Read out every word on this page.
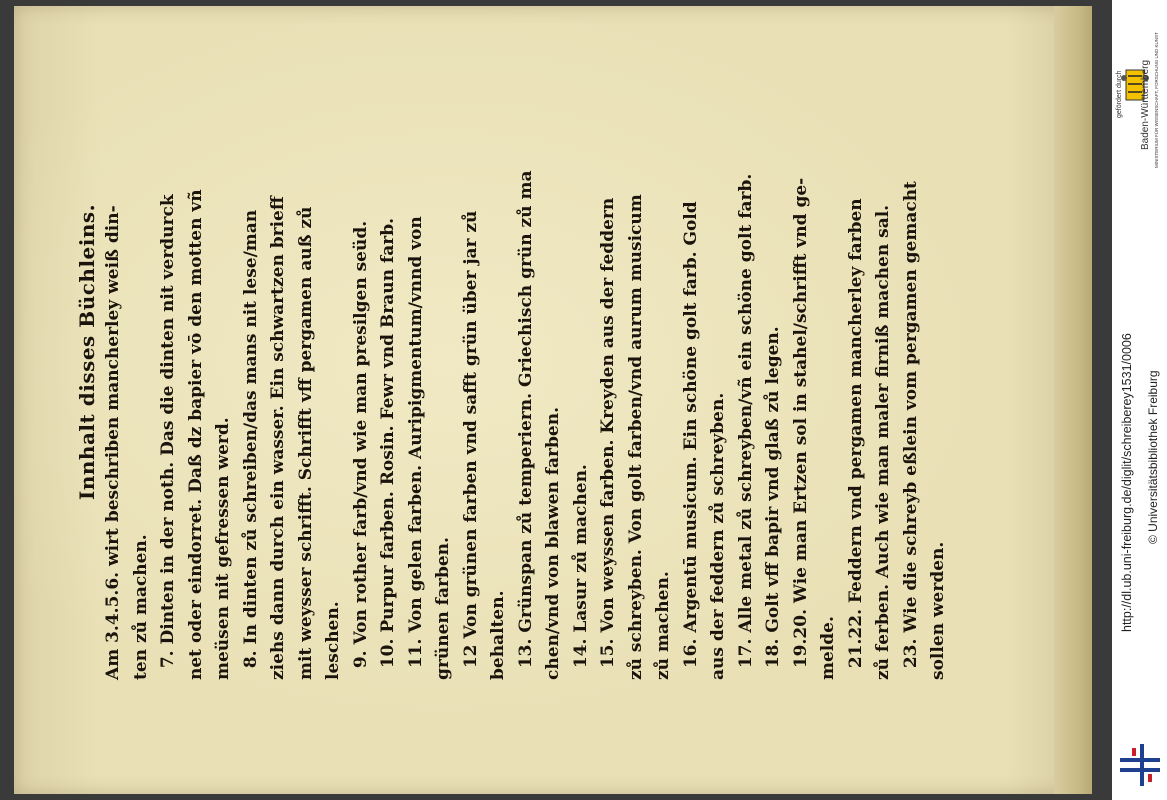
Innhalt disses Büchleins. Am 3.4.5.6. wirt beschriben mancherley weiß din- ten zů machen. 7. Dinten in der noth. Das die dinten nit verdurck net oder eindorret. Daß dz bapier vō den motten vñ meüsen nit gefressen werd. 8. In dinten zů schreiben/das mans nit lese/man ziehs dann durch ein wasser. Ein schwartzen brieff mit weysser schrifft. Schrifft vff pergamen auß zů leschen. 9. Von rother farb/vnd wie man presilgen seüd. 10. Purpur farben. Rosin. Fewr vnd Braun farb. 11. Von gelen farben. Auripigmentum/vnnd von grünen farben. 12 Von grünen farben vnd safft grün über jar zů behalten. 13. Grünspan zů temperiern. Griechisch grün zů ma chen/vnd von blawen farben. 14. Lasur zů machen. 15. Von weyssen farben. Kreyden aus der feddern zů schreyben. Von golt farben/vnd aurum musicum zů machen. 16. Argentū musicum. Ein schöne golt farb. Gold aus der feddern zů schreyben. 17. Alle metal zů schreyben/vñ ein schöne golt farb. 18. Golt vff bapir vnd glaß zů legen. 19.20. Wie man Ertzen sol in stahel/schrifft vnd ge- melde. 21.22. Feddern vnd pergamen mancherley farben zů ferben. Auch wie man maler firniß machen sal. 23. Wie die schreyb eßlein vom pergamen gemacht sollen werden.
gefördert durch Baden-Württemberg MINISTERIUM FÜR WISSENSCHAFT, FORSCHUNG UND KUNST
http://dl.ub.uni-freiburg.de/diglit/schreiberey1531/0006 © Universitätsbibliothek Freiburg
